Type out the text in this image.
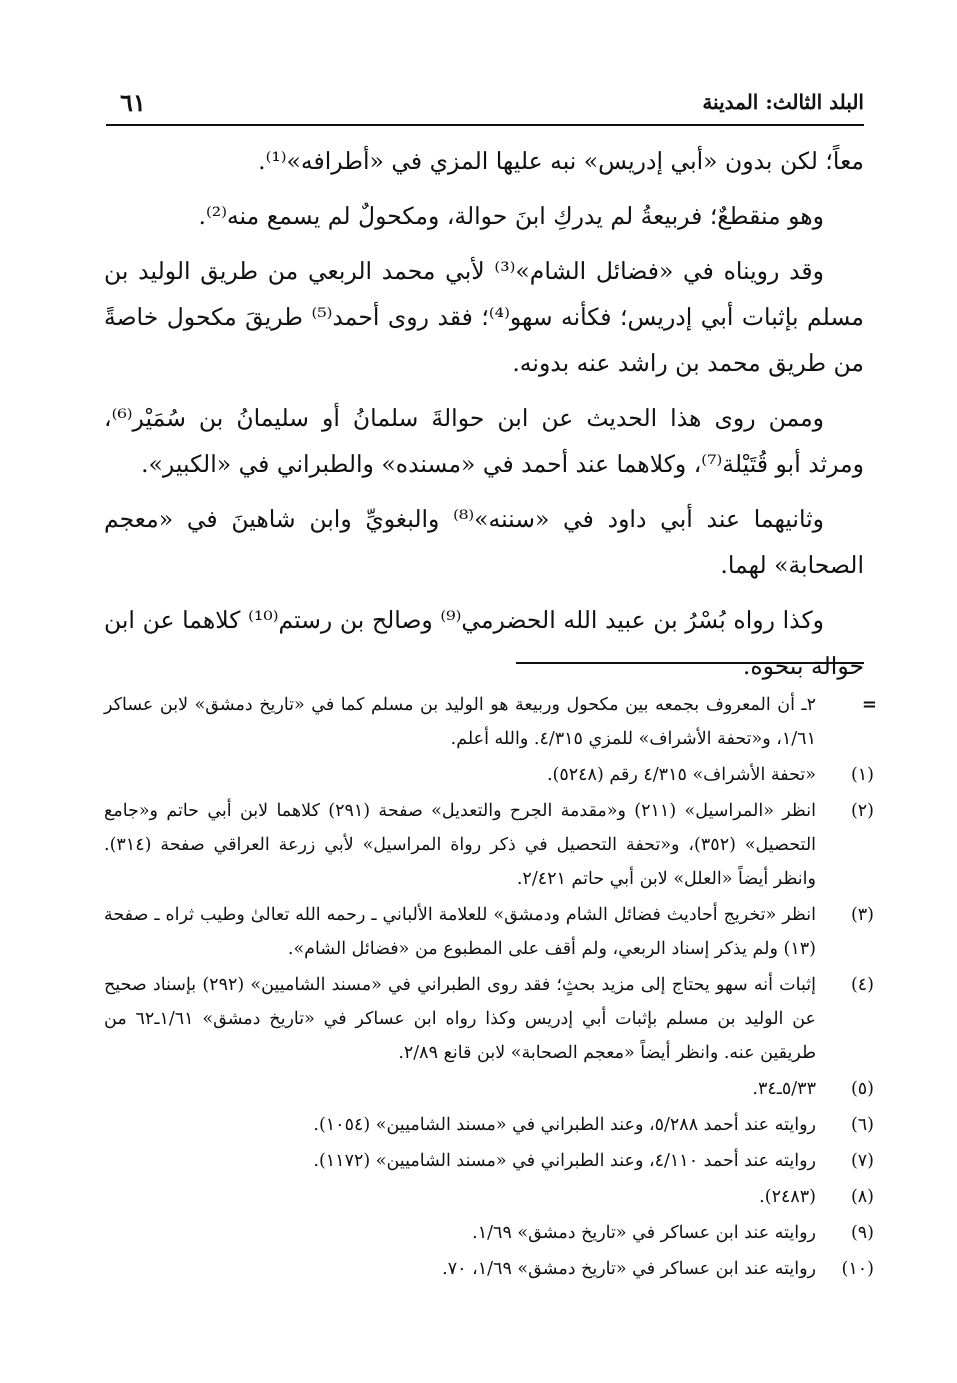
البلد الثالث: المدينة
٦١

معاً؛ لكن بدون «أبي إدريس» نبه عليها المزي في «أطرافه»⁽¹⁾.

وهو منقطعٌ؛ فربيعةُ لم يدركِ ابنَ حوالة، ومكحولٌ لم يسمع منه⁽²⁾.

وقد رويناه في «فضائل الشام»⁽³⁾ لأبي محمد الربعي من طريق الوليد بن مسلم بإثبات أبي إدريس؛ فكأنه سهو⁽⁴⁾؛ فقد روى أحمد⁽⁵⁾ طريقَ مكحول خاصةً من طريق محمد بن راشد عنه بدونه.

وممن روى هذا الحديث عن ابن حوالةَ سلمانُ أو سليمانُ بن سُمَيْر⁽⁶⁾، ومرثد أبو قُتَيْلة⁽⁷⁾، وكلاهما عند أحمد في «مسنده» والطبراني في «الكبير».

وثانيهما عند أبي داود في «سننه»⁽⁸⁾ والبغويِّ وابن شاهينَ في «معجم الصحابة» لهما.

وكذا رواه بُسْرُ بن عبيد الله الحضرمي⁽⁹⁾ وصالح بن رستم⁽¹⁰⁾ كلاهما عن ابن حوالة بنحوه.

=
٢ـ أن المعروف بجمعه بين مكحول وربيعة هو الوليد بن مسلم كما في «تاريخ دمشق» لابن عساكر ١/٦١، و«تحفة الأشراف» للمزي ٤/٣١٥. والله أعلم.
(١)
«تحفة الأشراف» ٤/٣١٥ رقم (٥٢٤٨).
(٢)
انظر «المراسيل» (٢١١) و«مقدمة الجرح والتعديل» صفحة (٢٩١) كلاهما لابن أبي حاتم و«جامع التحصيل» (٣٥٢)، و«تحفة التحصيل في ذكر رواة المراسيل» لأبي زرعة العراقي صفحة (٣١٤). وانظر أيضاً «العلل» لابن أبي حاتم ٢/٤٢١.
(٣)
انظر «تخريج أحاديث فضائل الشام ودمشق» للعلامة الألباني ـ رحمه الله تعالىٰ وطيب ثراه ـ صفحة (١٣) ولم يذكر إسناد الربعي، ولم أقف على المطبوع من «فضائل الشام».
(٤)
إثبات أنه سهو يحتاج إلى مزيد بحثٍ؛ فقد روى الطبراني في «مسند الشاميين» (٢٩٢) بإسناد صحيح عن الوليد بن مسلم بإثبات أبي إدريس وكذا رواه ابن عساكر في «تاريخ دمشق» ١/٦١ـ٦٢ من طريقين عنه. وانظر أيضاً «معجم الصحابة» لابن قانع ٢/٨٩.
(٥)
٥/٣٣ـ٣٤.
(٦)
روايته عند أحمد ٥/٢٨٨، وعند الطبراني في «مسند الشاميين» (١٠٥٤).
(٧)
روايته عند أحمد ٤/١١٠، وعند الطبراني في «مسند الشاميين» (١١٧٢).
(٨)
(٢٤٨٣).
(٩)
روايته عند ابن عساكر في «تاريخ دمشق» ١/٦٩.
(١٠)
روايته عند ابن عساكر في «تاريخ دمشق» ١/٦٩، ٧٠.
